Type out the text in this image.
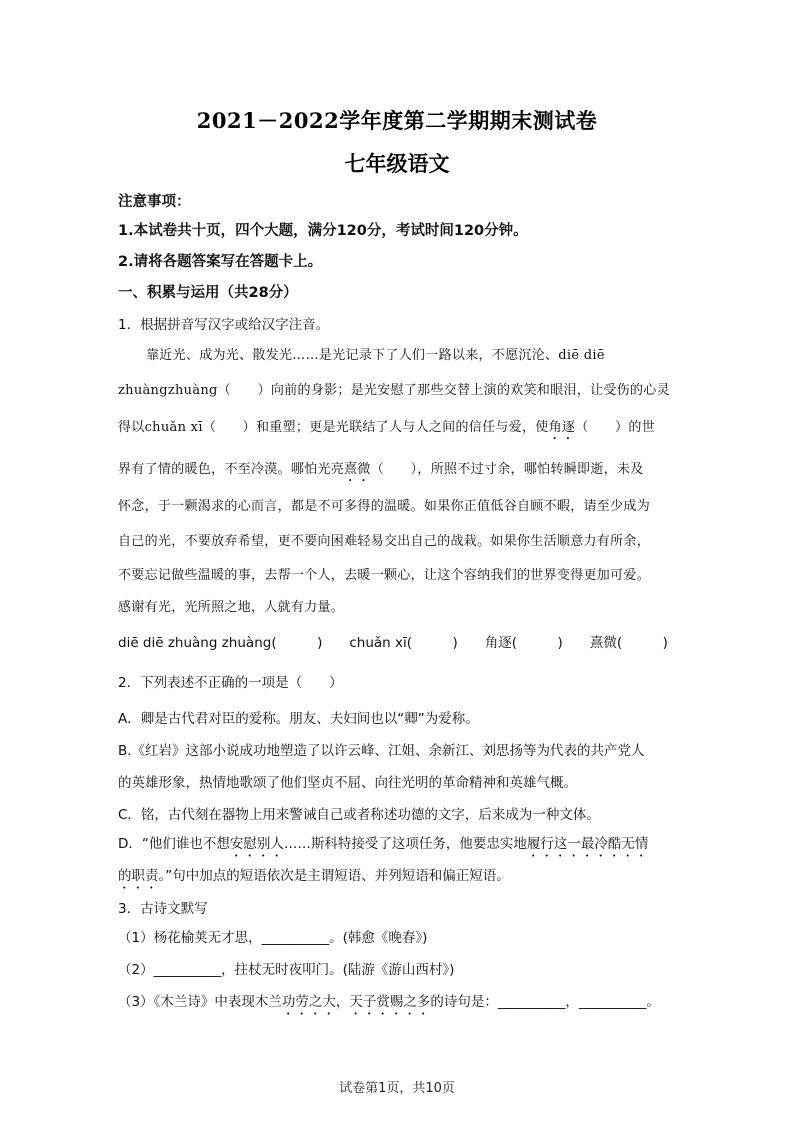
2021－2022学年度第二学期期末测试卷
七年级语文
注意事项：
1.本试卷共十页，四个大题，满分120分，考试时间120分钟。
2.请将各题答案写在答题卡上。
一、积累与运用（共28分）
1．根据拼音写汉字或给汉字注音。
靠近光、成为光、散发光……是光记录下了人们一路以来，不愿沉沦、diē diē
zhuàngzhuàng（　　）向前的身影；是光安慰了那些交替上演的欢笑和眼泪，让受伤的心灵
得以chuǎn xī（　　）和重塑；更是光联结了人与人之间的信任与爱，使角逐（　　）的世
界有了情的暖色，不至冷漠。哪怕光亮熹微（　　），所照不过寸余，哪怕转瞬即逝，未及
怀念，于一颗渴求的心而言，都是不可多得的温暖。如果你正值低谷自顾不暇，请至少成为
自己的光，不要放弃希望，更不要向困难轻易交出自己的战栽。如果你生活顺意力有所余，
不要忘记做些温暖的事，去帮一个人，去暖一颗心，让这个容纳我们的世界变得更加可爱。
感谢有光，光所照之地，人就有力量。
diē diē zhuàng zhuàng(　　　)　　chuǎn xī(　　　)　　角逐(　　　)　　熹微(　　　)
2．下列表述不正确的一项是（　　）
A．卿是古代君对臣的爱称。朋友、夫妇间也以“卿”为爱称。
B.《红岩》这部小说成功地塑造了以许云峰、江姐、余新江、刘思扬等为代表的共产党人
的英雄形象，热情地歌颂了他们坚贞不屈、向往光明的革命精神和英雄气概。
C．铭，古代刻在器物上用来警诫自己或者称述功德的文字，后来成为一种文体。
D．“他们谁也不想安慰别人……斯科特接受了这项任务，他要忠实地履行这一最冷酷无情
的职责。”句中加点的短语依次是主谓短语、并列短语和偏正短语。
3．古诗文默写
（1）杨花榆荚无才思，__________。(韩愈《晚春》)
（2）__________，拄杖无时夜叩门。(陆游《游山西村》)
（3）《木兰诗》中表现木兰功劳之大，天子赏赐之多的诗句是：__________，__________。
试卷第1页，共10页
